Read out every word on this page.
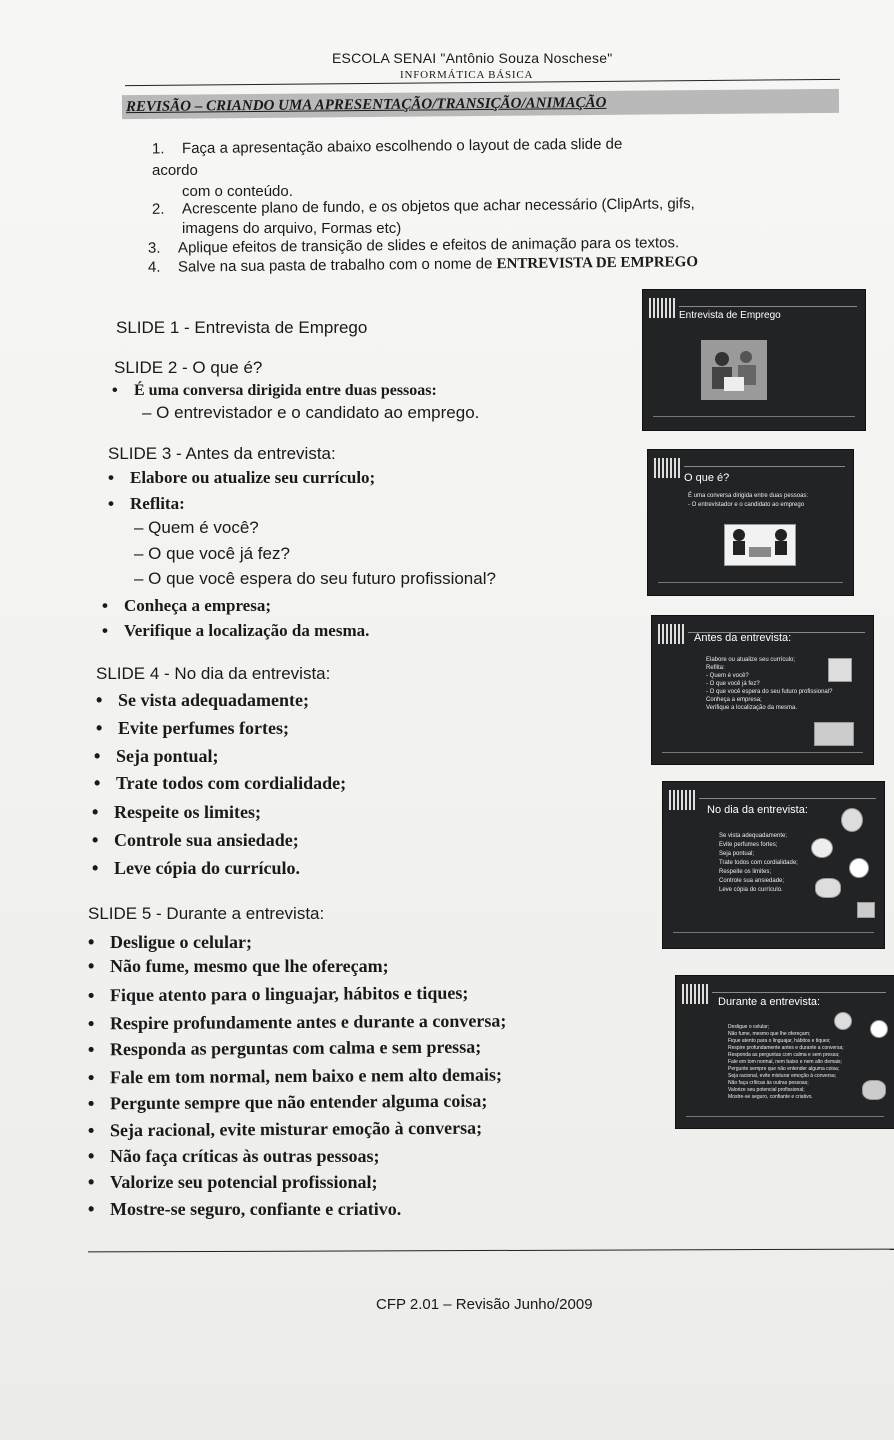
ESCOLA SENAI "Antônio Souza Noschese"
INFORMÁTICA BÁSICA
REVISÃO – CRIANDO UMA APRESENTAÇÃO/TRANSIÇÃO/ANIMAÇÃO
1. Faça a apresentação abaixo escolhendo o layout de cada slide de
acordo
com o conteúdo.
2. Acrescente plano de fundo, e os objetos que achar necessário (ClipArts, gifs,
imagens do arquivo, Formas etc)
3. Aplique efeitos de transição de slides e efeitos de animação para os textos.
4. Salve na sua pasta de trabalho com o nome de ENTREVISTA DE EMPREGO
SLIDE 1 - Entrevista de Emprego
SLIDE 2 - O que é?
• É uma conversa dirigida entre duas pessoas:
– O entrevistador e o candidato ao emprego.
SLIDE 3 - Antes da entrevista:
• Elabore ou atualize seu currículo;
• Reflita:
– Quem é você?
– O que você já fez?
– O que você espera do seu futuro profissional?
• Conheça a empresa;
• Verifique a localização da mesma.
SLIDE 4 - No dia da entrevista:
• Se vista adequadamente;
• Evite perfumes fortes;
• Seja pontual;
• Trate todos com cordialidade;
• Respeite os limites;
• Controle sua ansiedade;
• Leve cópia do currículo.
SLIDE 5 - Durante a entrevista:
• Desligue o celular;
• Não fume, mesmo que lhe ofereçam;
• Fique atento para o linguajar, hábitos e tiques;
• Respire profundamente antes e durante a conversa;
• Responda as perguntas com calma e sem pressa;
• Fale em tom normal, nem baixo e nem alto demais;
• Pergunte sempre que não entender alguma coisa;
• Seja racional, evite misturar emoção à conversa;
• Não faça críticas às outras pessoas;
• Valorize seu potencial profissional;
• Mostre-se seguro, confiante e criativo.
Entrevista de Emprego
O que é?
É uma conversa dirigida entre duas pessoas:
- O entrevistador e o candidato ao emprego
Antes da entrevista:
Elabore ou atualize seu currículo;
Reflita:
- Quem é você?
- O que você já fez?
- O que você espera do seu futuro profissional?
Conheça a empresa;
Verifique a localização da mesma.
No dia da entrevista:
Se vista adequadamente;
Evite perfumes fortes;
Seja pontual;
Trate todos com cordialidade;
Respeite os limites;
Controle sua ansiedade;
Leve cópia do currículo.
Durante a entrevista:
Desligue o celular;
Não fume, mesmo que lhe ofereçam;
Fique atento para o linguajar, hábitos e tiques;
Respire profundamente antes e durante a conversa;
Responda as perguntas com calma e sem pressa;
Fale em tom normal, nem baixo e nem alto demais;
Pergunte sempre que não entender alguma coisa;
Seja racional, evite misturar emoção à conversa;
Não faça críticas às outras pessoas;
Valorize seu potencial profissional;
Mostre-se seguro, confiante e criativo.
CFP 2.01 – Revisão Junho/2009
